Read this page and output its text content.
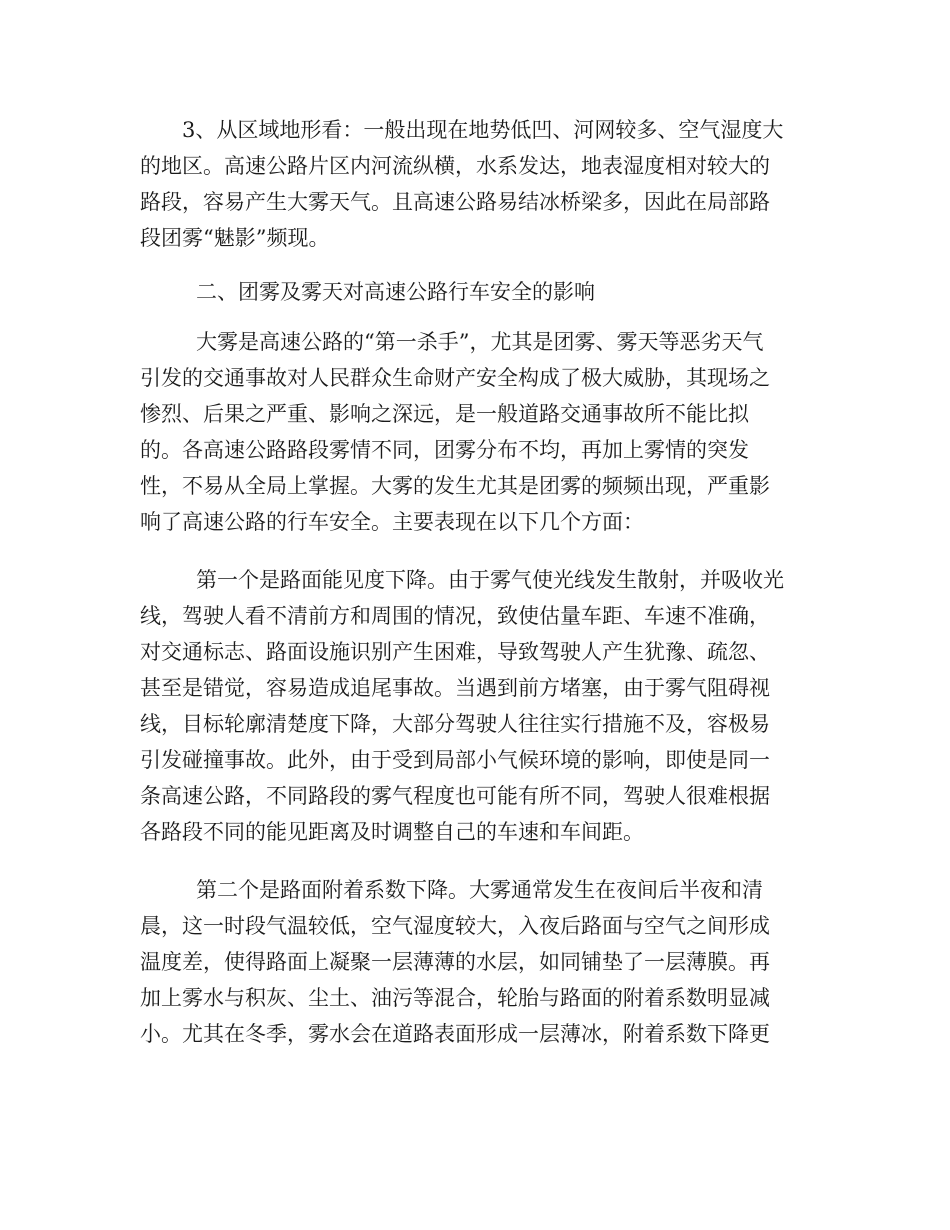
3、从区域地形看：一般出现在地势低凹、河网较多、空气湿度大
的地区。高速公路片区内河流纵横，水系发达，地表湿度相对较大的
路段，容易产生大雾天气。且高速公路易结冰桥梁多，因此在局部路
段团雾“魅影”频现。
二、团雾及雾天对高速公路行车安全的影响
大雾是高速公路的“第一杀手”，尤其是团雾、雾天等恶劣天气
引发的交通事故对人民群众生命财产安全构成了极大威胁，其现场之
惨烈、后果之严重、影响之深远，是一般道路交通事故所不能比拟
的。各高速公路路段雾情不同，团雾分布不均，再加上雾情的突发
性，不易从全局上掌握。大雾的发生尤其是团雾的频频出现，严重影
响了高速公路的行车安全。主要表现在以下几个方面：
第一个是路面能见度下降。由于雾气使光线发生散射，并吸收光
线，驾驶人看不清前方和周围的情况，致使估量车距、车速不准确，
对交通标志、路面设施识别产生困难，导致驾驶人产生犹豫、疏忽、
甚至是错觉，容易造成追尾事故。当遇到前方堵塞，由于雾气阻碍视
线，目标轮廓清楚度下降，大部分驾驶人往往实行措施不及，容极易
引发碰撞事故。此外，由于受到局部小气候环境的影响，即使是同一
条高速公路，不同路段的雾气程度也可能有所不同，驾驶人很难根据
各路段不同的能见距离及时调整自己的车速和车间距。
第二个是路面附着系数下降。大雾通常发生在夜间后半夜和清
晨，这一时段气温较低，空气湿度较大，入夜后路面与空气之间形成
温度差，使得路面上凝聚一层薄薄的水层，如同铺垫了一层薄膜。再
加上雾水与积灰、尘土、油污等混合，轮胎与路面的附着系数明显减
小。尤其在冬季，雾水会在道路表面形成一层薄冰，附着系数下降更
